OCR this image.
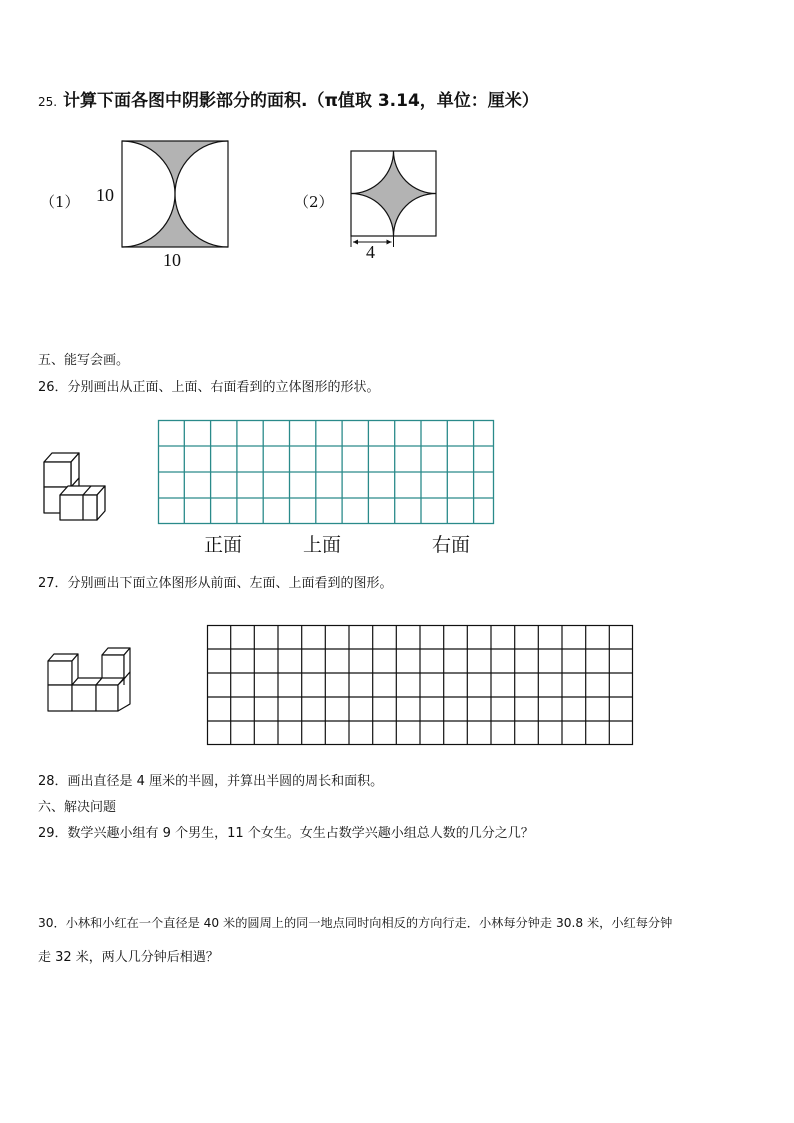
25. 计算下面各图中阴影部分的面积.（π值取 3.14，单位：厘米）
（1） 10
10
（2）
4
五、能写会画。
26．分别画出从正面、上面、右面看到的立体图形的形状。
正面	上面	右面
27．分别画出下面立体图形从前面、左面、上面看到的图形。
28．画出直径是 4 厘米的半圆，并算出半圆的周长和面积。
六、解决问题
29．数学兴趣小组有 9 个男生，11 个女生。女生占数学兴趣小组总人数的几分之几？
30．小林和小红在一个直径是 40 米的圆周上的同一地点同时向相反的方向行走．小林每分钟走 30.8 米，小红每分钟
走 32 米，两人几分钟后相遇？
